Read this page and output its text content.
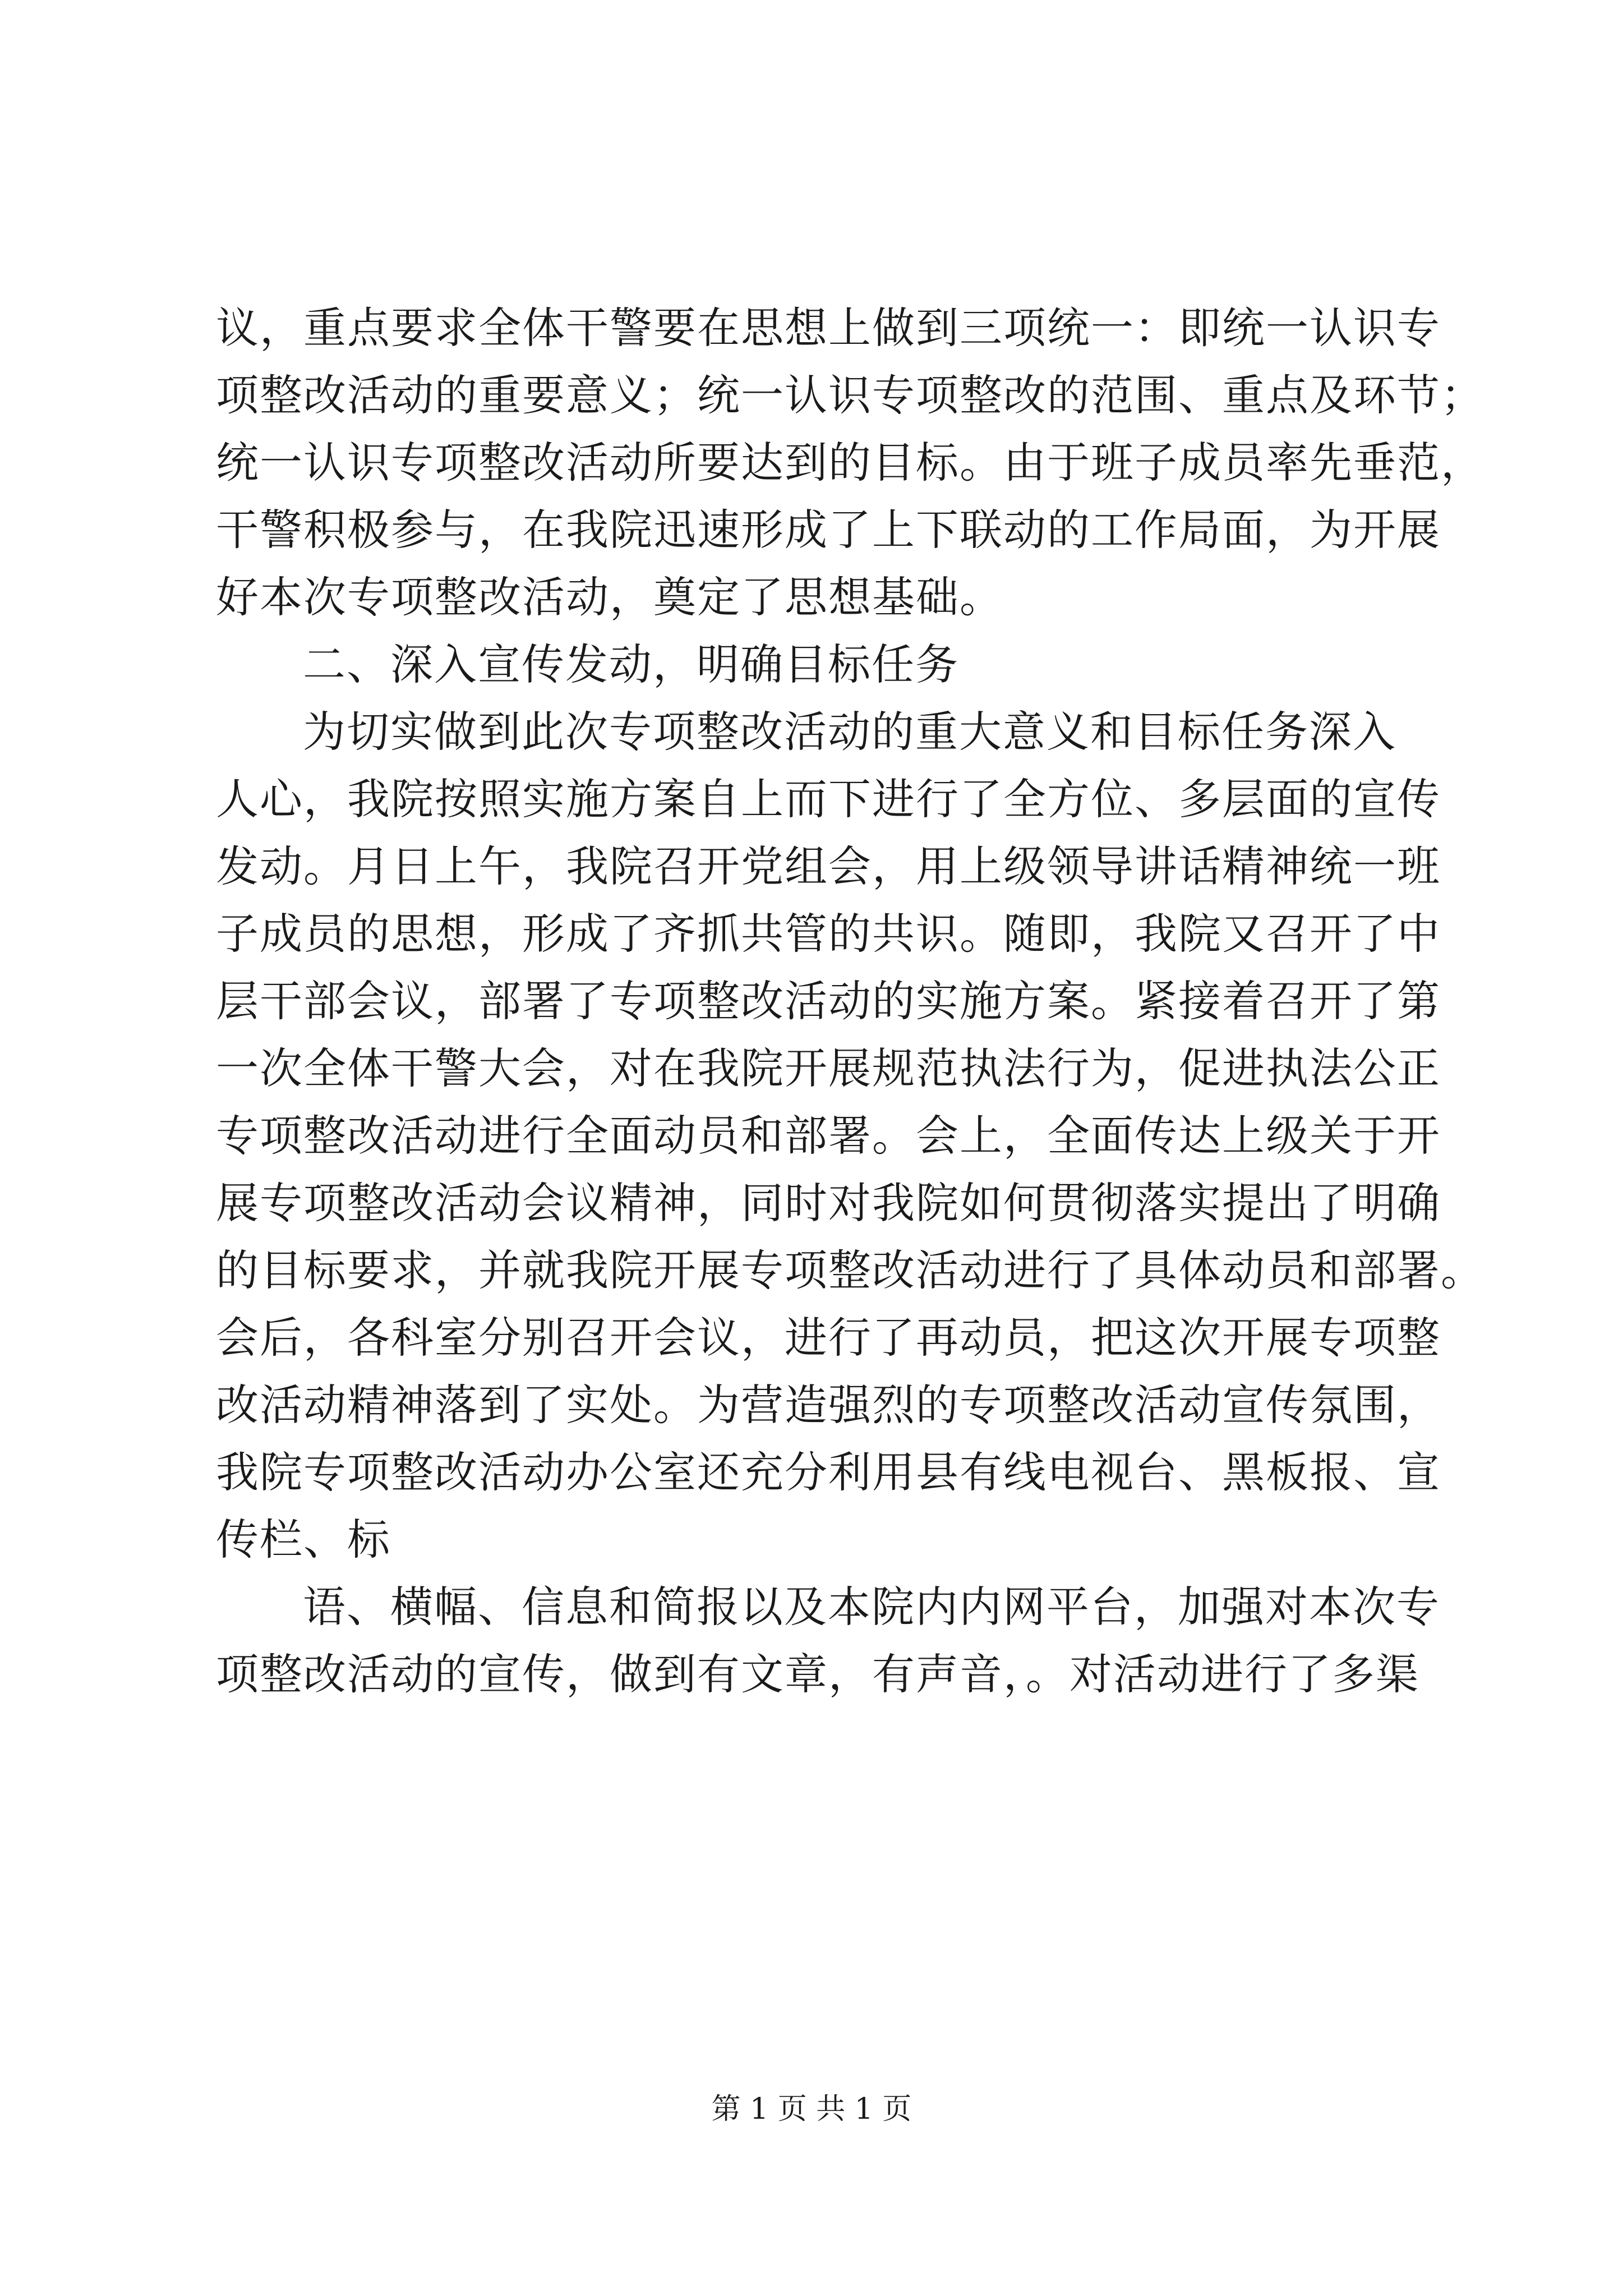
议，重点要求全体干警要在思想上做到三项统一：即统一认识专
项整改活动的重要意义；统一认识专项整改的范围、重点及环节；
统一认识专项整改活动所要达到的目标。由于班子成员率先垂范，
干警积极参与，在我院迅速形成了上下联动的工作局面，为开展
好本次专项整改活动，奠定了思想基础。
二、深入宣传发动，明确目标任务
为切实做到此次专项整改活动的重大意义和目标任务深入
人心，我院按照实施方案自上而下进行了全方位、多层面的宣传
发动。月日上午，我院召开党组会，用上级领导讲话精神统一班
子成员的思想，形成了齐抓共管的共识。随即，我院又召开了中
层干部会议，部署了专项整改活动的实施方案。紧接着召开了第
一次全体干警大会，对在我院开展规范执法行为，促进执法公正
专项整改活动进行全面动员和部署。会上，全面传达上级关于开
展专项整改活动会议精神，同时对我院如何贯彻落实提出了明确
的目标要求，并就我院开展专项整改活动进行了具体动员和部署。
会后，各科室分别召开会议，进行了再动员，把这次开展专项整
改活动精神落到了实处。为营造强烈的专项整改活动宣传氛围，
我院专项整改活动办公室还充分利用县有线电视台、黑板报、宣
传栏、标
语、横幅、信息和简报以及本院内内网平台，加强对本次专
项整改活动的宣传，做到有文章，有声音，。对活动进行了多渠
第 1 页 共 1 页
